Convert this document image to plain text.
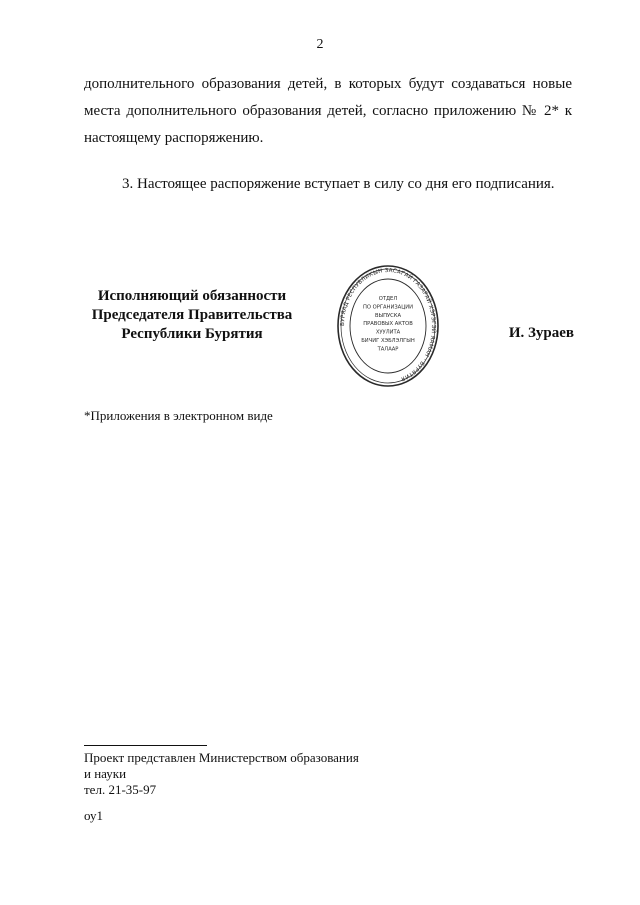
2

дополнительного образования детей, в которых будут создаваться новые места дополнительного образования детей, согласно приложению № 2* к настоящему распоряжению.

3. Настоящее распоряжение вступает в силу со дня его подписания.

Исполняющий обязанности
Председателя Правительства
Республики Бурятия
БУРЯАД РЕСПУБЛИКЫН ЗАСАГАЙ ГАЗАРАЙ ХЭРЭГЭЙ ЯАМАН · БУРЯТИЯ
ОТДЕЛ
ПО ОРГАНИЗАЦИИ
ВЫПУСКА
ПРАВОВЫХ АКТОВ
ХУУЛИТА
БИЧИГ ХЭБЛЭЛГЫН
ТАЛААР
И. Зураев
*Приложения в электронном виде
Проект представлен Министерством образования
и науки
тел. 21-35-97
оу1
